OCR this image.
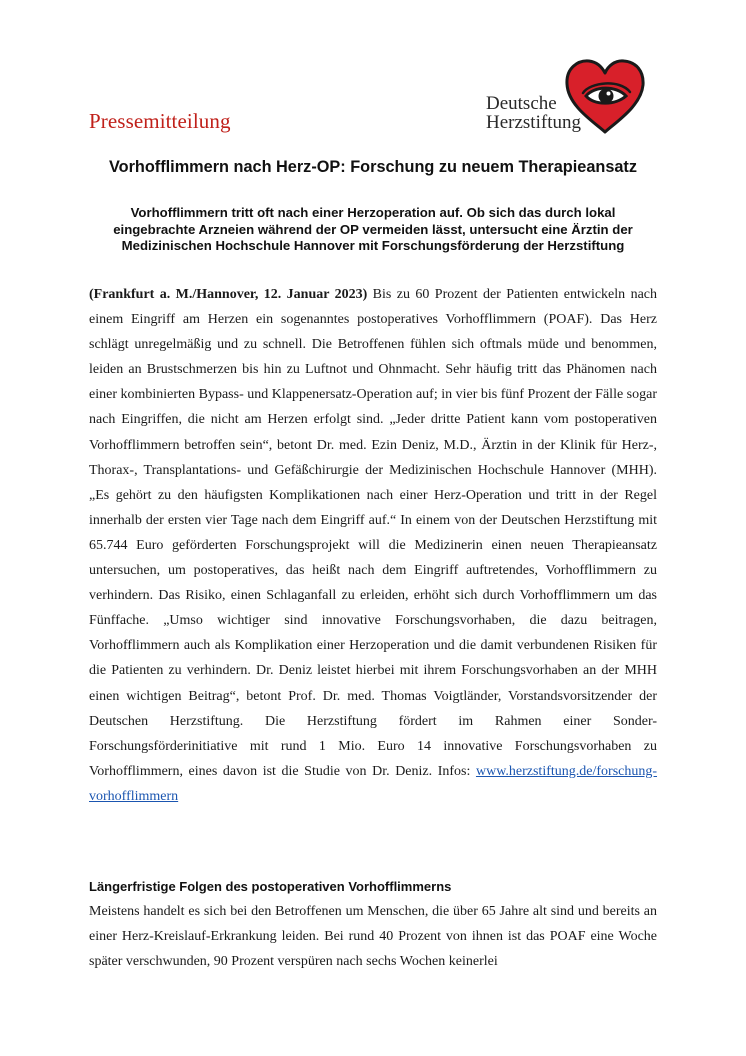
Pressemitteilung
Deutsche
Herzstiftung
Vorhofflimmern nach Herz-OP: Forschung zu neuem Therapieansatz
Vorhofflimmern tritt oft nach einer Herzoperation auf. Ob sich das durch lokal eingebrachte Arzneien während der OP vermeiden lässt, untersucht eine Ärztin der Medizinischen Hochschule Hannover mit Forschungsförderung der Herzstiftung

(Frankfurt a. M./Hannover, 12. Januar 2023) Bis zu 60 Prozent der Patienten entwickeln nach einem Eingriff am Herzen ein sogenanntes postoperatives Vorhofflimmern (POAF). Das Herz schlägt unregelmäßig und zu schnell. Die Betroffenen fühlen sich oftmals müde und benommen, leiden an Brustschmerzen bis hin zu Luftnot und Ohnmacht. Sehr häufig tritt das Phänomen nach einer kombinierten Bypass- und Klappenersatz-Operation auf; in vier bis fünf Prozent der Fälle sogar nach Eingriffen, die nicht am Herzen erfolgt sind. „Jeder dritte Patient kann vom postoperativen Vorhofflimmern betroffen sein“, betont Dr. med. Ezin Deniz, M.D., Ärztin in der Klinik für Herz-, Thorax-, Transplantations- und Gefäßchirurgie der Medizinischen Hochschule Hannover (MHH). „Es gehört zu den häufigsten Komplikationen nach einer Herz-Operation und tritt in der Regel innerhalb der ersten vier Tage nach dem Eingriff auf.“ In einem von der Deutschen Herzstiftung mit 65.744 Euro geförderten Forschungsprojekt will die Medizinerin einen neuen Therapieansatz untersuchen, um postoperatives, das heißt nach dem Eingriff auftretendes, Vorhofflimmern zu verhindern. Das Risiko, einen Schlaganfall zu erleiden, erhöht sich durch Vorhofflimmern um das Fünffache. „Umso wichtiger sind innovative Forschungsvorhaben, die dazu beitragen, Vorhofflimmern auch als Komplikation einer Herzoperation und die damit verbundenen Risiken für die Patienten zu verhindern. Dr. Deniz leistet hierbei mit ihrem Forschungsvorhaben an der MHH einen wichtigen Beitrag“, betont Prof. Dr. med. Thomas Voigtländer, Vorstandsvorsitzender der Deutschen Herzstiftung. Die Herzstiftung fördert im Rahmen einer Sonder-Forschungsförderinitiative mit rund 1 Mio. Euro 14 innovative Forschungsvorhaben zu Vorhofflimmern, eines davon ist die Studie von Dr. Deniz. Infos: www.herzstiftung.de/forschung-vorhofflimmern

Längerfristige Folgen des postoperativen Vorhofflimmerns

Meistens handelt es sich bei den Betroffenen um Menschen, die über 65 Jahre alt sind und bereits an einer Herz-Kreislauf-Erkrankung leiden. Bei rund 40 Prozent von ihnen ist das POAF eine Woche später verschwunden, 90 Prozent verspüren nach sechs Wochen keinerlei
